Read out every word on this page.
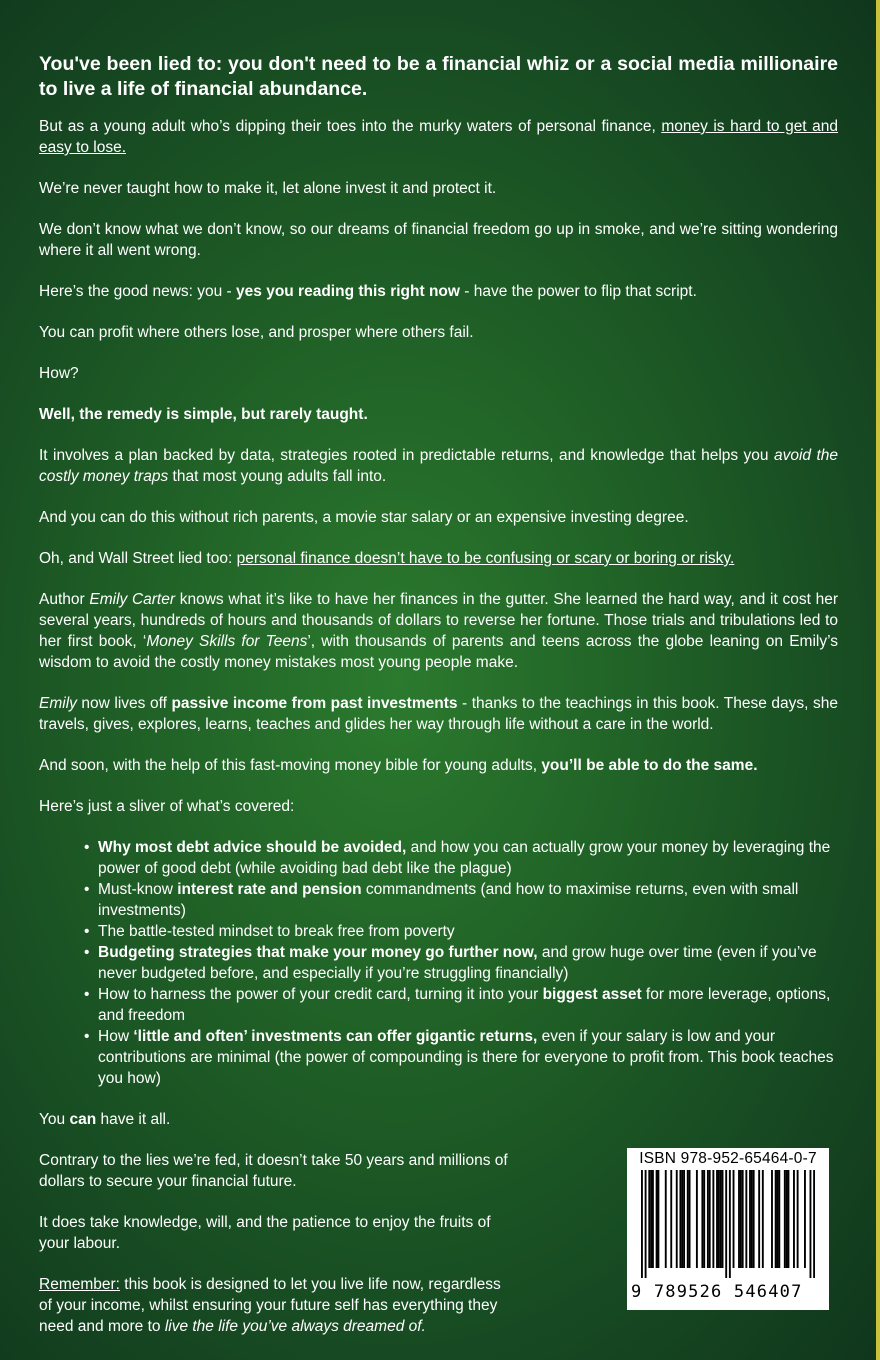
You've been lied to: you don't need to be a financial whiz or a social media millionaire to live a life of financial abundance.

But as a young adult who’s dipping their toes into the murky waters of personal finance, money is hard to get and easy to lose.

We’re never taught how to make it, let alone invest it and protect it.

We don’t know what we don’t know, so our dreams of financial freedom go up in smoke, and we’re sitting wondering where it all went wrong.

Here’s the good news: you - yes you reading this right now - have the power to flip that script.

You can profit where others lose, and prosper where others fail.

How?

Well, the remedy is simple, but rarely taught.

It involves a plan backed by data, strategies rooted in predictable returns, and knowledge that helps you avoid the costly money traps that most young adults fall into.

And you can do this without rich parents, a movie star salary or an expensive investing degree.

Oh, and Wall Street lied too: personal finance doesn’t have to be confusing or scary or boring or risky.

Author Emily Carter knows what it’s like to have her finances in the gutter. She learned the hard way, and it cost her several years, hundreds of hours and thousands of dollars to reverse her fortune. Those trials and tribulations led to her first book, ‘Money Skills for Teens’, with thousands of parents and teens across the globe leaning on Emily’s wisdom to avoid the costly money mistakes most young people make.

Emily now lives off passive income from past investments - thanks to the teachings in this book. These days, she travels, gives, explores, learns, teaches and glides her way through life without a care in the world.

And soon, with the help of this fast-moving money bible for young adults, you’ll be able to do the same.

Here’s just a sliver of what’s covered:

• Why most debt advice should be avoided, and how you can actually grow your money by leveraging the power of good debt (while avoiding bad debt like the plague)
• Must-know interest rate and pension commandments (and how to maximise returns, even with small investments)
• The battle-tested mindset to break free from poverty
• Budgeting strategies that make your money go further now, and grow huge over time (even if you’ve never budgeted before, and especially if you’re struggling financially)
• How to harness the power of your credit card, turning it into your biggest asset for more leverage, options, and freedom
• How ‘little and often’ investments can offer gigantic returns, even if your salary is low and your contributions are minimal (the power of compounding is there for everyone to profit from. This book teaches you how)

You can have it all.

Contrary to the lies we’re fed, it doesn’t take 50 years and millions of dollars to secure your financial future.

It does take knowledge, will, and the patience to enjoy the fruits of your labour.

Remember: this book is designed to let you live life now, regardless of your income, whilst ensuring your future self has everything they need and more to live the life you’ve always dreamed of.

ISBN 978-952-65464-0-7
9 789526 546407
